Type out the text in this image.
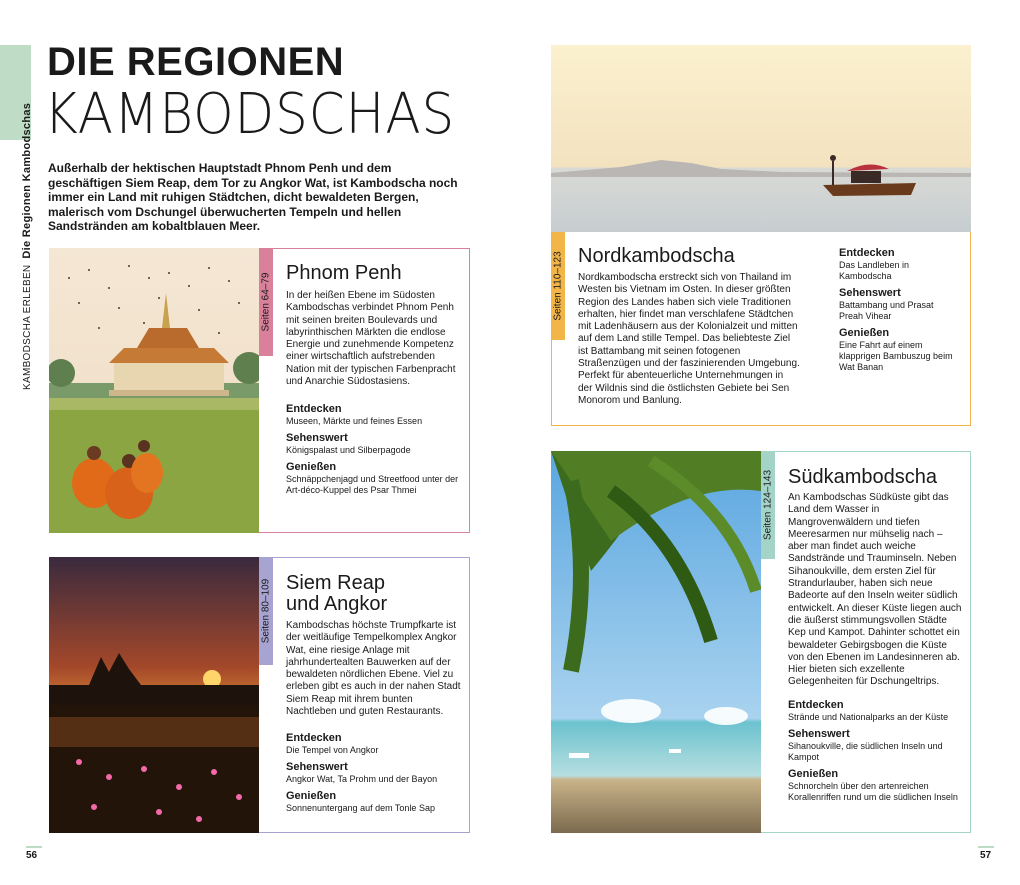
KAMBODSCHA ERLEBENDie Regionen Kambodschas
DIE REGIONEN
KAMBODSCHAS
Außerhalb der hektischen Hauptstadt Phnom Penh und dem geschäftigen Siem Reap, dem Tor zu Angkor Wat, ist Kambodscha noch immer ein Land mit ruhigen Städtchen, dicht bewaldeten Bergen, malerisch vom Dschungel überwucherten Tempeln und hellen Sandstränden am kobaltblauen Meer.
Seiten 64–79 Phnom Penh
In der heißen Ebene im Südosten Kambodschas verbindet Phnom Penh mit seinen breiten Boulevards und labyrinthischen Märkten die endlose Energie und zunehmende Kompetenz einer wirtschaftlich aufstrebenden Nation mit der typischen Farbenpracht und Anarchie Südostasiens.
Entdecken
Museen, Märkte und feines Essen
Sehenswert
Königspalast und Silberpagode
Genießen
Schnäppchenjagd und Streetfood unter der Art-déco-Kuppel des Psar Thmei
Seiten 80–109 Siem Reap
und Angkor
Kambodschas höchste Trumpfkarte ist der weitläufige Tempelkomplex Angkor Wat, eine riesige Anlage mit jahrhundertealten Bauwerken auf der bewaldeten nördlichen Ebene. Viel zu erleben gibt es auch in der nahen Stadt Siem Reap mit ihrem bunten Nachtleben und guten Restaurants.
Entdecken
Die Tempel von Angkor
Sehenswert
Angkor Wat, Ta Prohm und der Bayon
Genießen
Sonnenuntergang auf dem Tonle Sap
Seiten 110–123 Nordkambodscha
Nordkambodscha erstreckt sich von Thailand im Westen bis Vietnam im Osten. In dieser größten Region des Landes haben sich viele Traditionen erhalten, hier findet man verschlafene Städtchen mit Ladenhäusern aus der Kolonialzeit und mitten auf dem Land stille Tempel. Das beliebteste Ziel ist Battambang mit seinen fotogenen Straßenzügen und der faszinierenden Umgebung. Perfekt für abenteuerliche Unternehmungen in der Wildnis sind die östlichsten Gebiete bei Sen Monorom und Banlung.
Entdecken
Das Landleben in Kambodscha
Sehenswert
Battambang und Prasat Preah Vihear
Genießen
Eine Fahrt auf einem klapprigen Bambuszug beim Wat Banan
Seiten 124–143 Südkambodscha
An Kambodschas Südküste gibt das Land dem Wasser in Mangrovenwäldern und tiefen Meeresarmen nur mühselig nach – aber man findet auch weiche Sandstrände und Trauminseln. Neben Sihanoukville, dem ersten Ziel für Strandurlauber, haben sich neue Badeorte auf den Inseln weiter südlich entwickelt. An dieser Küste liegen auch die äußerst stimmungsvollen Städte Kep und Kampot. Dahinter schottet ein bewaldeter Gebirgsbogen die Küste von den Ebenen im Landesinneren ab. Hier bieten sich exzellente Gelegenheiten für Dschungeltrips.
Entdecken
Strände und Nationalparks an der Küste
Sehenswert
Sihanoukville, die südlichen Inseln und Kampot
Genießen
Schnorcheln über den artenreichen Korallenriffen rund um die südlichen Inseln
56	57
